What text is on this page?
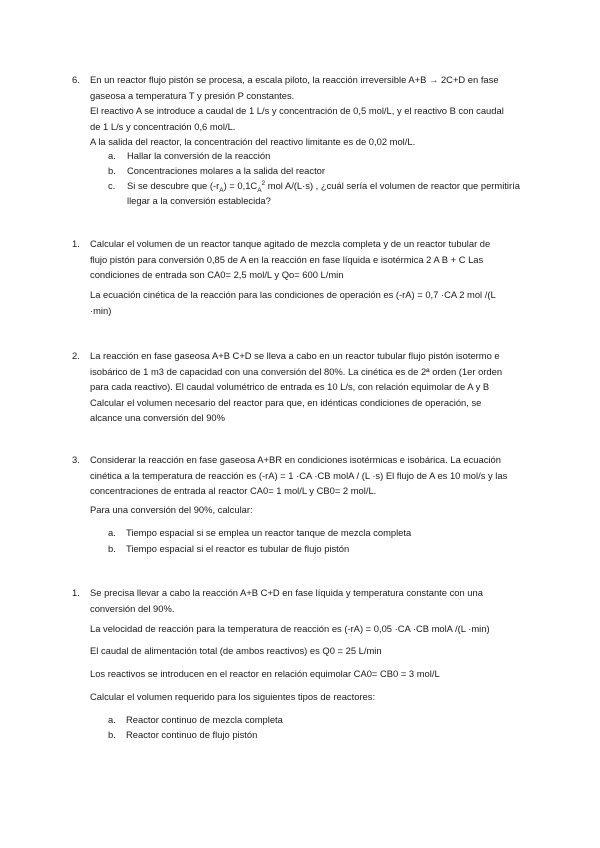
6. En un reactor flujo pistón se procesa, a escala piloto, la reacción irreversible A+B → 2C+D en fase

gaseosa a temperatura T y presión P constantes.

El reactivo A se introduce a caudal de 1 L/s y concentración de 0,5 mol/L, y el reactivo B con caudal

de 1 L/s y concentración 0,6 mol/L.

A la salida del reactor, la concentración del reactivo limitante es de 0,02 mol/L.

a. Hallar la conversión de la reacción
b. Concentraciones molares a la salida del reactor
c. Si se descubre que $(-r_A) = 0,1C_A^2$ mol A/(L·s) , ¿cuál sería el volumen de reactor que permitiría
llegar a la conversión establecida?
1. Calcular el volumen de un reactor tanque agitado de mezcla completa y de un reactor tubular de

flujo pistón para conversión 0,85 de A en la reacción en fase líquida e isotérmica 2 A B + C Las

condiciones de entrada son CA0= 2,5 mol/L y Qo= 600 L/min

La ecuación cinética de la reacción para las condiciones de operación es (-rA) = 0,7 ·CA 2 mol /(L

·min)

2. La reacción en fase gaseosa A+B C+D se lleva a cabo en un reactor tubular flujo pistón isotermo e

isobárico de 1 m3 de capacidad con una conversión del 80%. La cinética es de 2ª orden (1er orden

para cada reactivo). El caudal volumétrico de entrada es 10 L/s, con relación equimolar de A y B

Calcular el volumen necesario del reactor para que, en idénticas condiciones de operación, se

alcance una conversión del 90%

3. Considerar la reacción en fase gaseosa A+BR en condiciones isotérmicas e isobárica. La ecuación

cinética a la temperatura de reacción es (-rA) = 1 ·CA ·CB molA / (L ·s) El flujo de A es 10 mol/s y las

concentraciones de entrada al reactor CA0= 1 mol/L y CB0= 2 mol/L.

Para una conversión del 90%, calcular:

a. Tiempo espacial si se emplea un reactor tanque de mezcla completa
b. Tiempo espacial si el reactor es tubular de flujo pistón
1. Se precisa llevar a cabo la reacción A+B C+D en fase líquida y temperatura constante con una

conversión del 90%.

La velocidad de reacción para la temperatura de reacción es (-rA) = 0,05 ·CA ·CB molA /(L ·min)

El caudal de alimentación total (de ambos reactivos) es Q0 = 25 L/min

Los reactivos se introducen en el reactor en relación equimolar CA0= CB0 = 3 mol/L

Calcular el volumen requerido para los siguientes tipos de reactores:

a. Reactor continuo de mezcla completa
b. Reactor continuo de flujo pistón
